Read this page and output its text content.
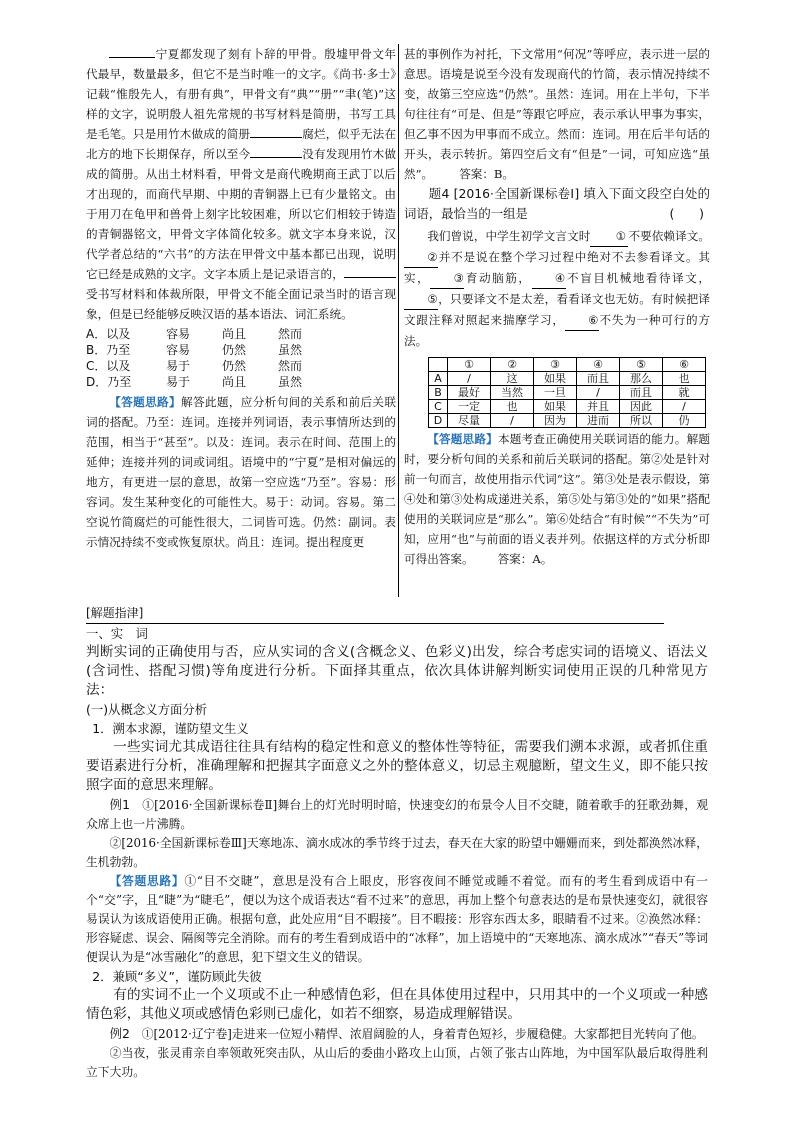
宁夏都发现了刻有卜辞的甲骨。殷墟甲骨文年代最早，数量最多，但它不是当时唯一的文字。《尚书·多士》记载“惟殷先人，有册有典”，甲骨文有“典”“册”“聿(笔)”这样的文字，说明殷人祖先常规的书写材料是简册，书写工具是毛笔。只是用竹木做成的简册	腐烂，似乎无法在北方的地下长期保存，所以至今	没有发现用竹木做成的简册。从出土材料看，甲骨文是商代晚期商王武丁以后才出现的，而商代早期、中期的青铜器上已有少量铭文。由于用刀在龟甲和兽骨上刻字比较困难，所以它们相较于铸造的青铜器铭文，甲骨文字体简化较多。就文字本身来说，汉代学者总结的“六书”的方法在甲骨文中基本都已出现，说明它已经是成熟的文字。文字本质上是记录语言的，受书写材料和体裁所限，甲骨文不能全面记录当时的语言现象，但是已经能够反映汉语的基本语法、词汇系统。

A．以及	容易	尚且	然而
B．乃至	容易	仍然	虽然
C．以及	易于	仍然	然而
D．乃至	易于	尚且	虽然

【答题思路】解答此题，应分析句间的关系和前后关联词的搭配。乃至：连词。连接并列词语，表示事情所达到的范围，相当于“甚至”。以及：连词。表示在时间、范围上的延伸；连接并列的词或词组。语境中的“宁夏”是相对偏远的地方，有更进一层的意思，故第一空应选“乃至”。容易：形容词。发生某种变化的可能性大。易于：动词。容易。第二空说竹简腐烂的可能性很大，二词皆可选。仍然：副词。表示情况持续不变或恢复原状。尚且：连词。提出程度更

甚的事例作为衬托，下文常用“何况”等呼应，表示进一层的意思。语境是说至今没有发现商代的竹简，表示情况持续不变，故第三空应选“仍然”。虽然：连词。用在上半句，下半句往往有“可是、但是”等跟它呼应，表示承认甲事为事实，但乙事不因为甲事而不成立。然而：连词。用在后半句话的开头，表示转折。第四空后文有“但是”一词，可知应选“虽然”。 答案：B。

题4 [2016·全国新课标卷Ⅰ] 填入下面文段空白处的词语，最恰当的一组是	(　　)

我们曾说，中学生初学文言文时 ① 不要依赖译文。②并不是说在整个学习过程中绝对不去参看译文。其实， ③育动脑筋， ④不盲目机械地看待译文，⑤，只要译文不是太差，看看译文也无妨。有时候把译文跟注释对照起来揣摩学习， ⑥不失为一种可行的方法。

	①	②	③	④	⑤	⑥
A	/	这	如果	而且	那么	也
B	最好	当然	一旦	/	而且	就
C	一定	也	如果	并且	因此	/
D	尽量	/	因为	进而	所以	仍

【答题思路】本题考查正确使用关联词语的能力。解题时，要分析句间的关系和前后关联词的搭配。第②处是针对前一句而言，故使用指示代词“这”。第③处是表示假设，第④处和第③处构成递进关系，第⑤处与第③处的“如果”搭配使用的关联词应是“那么”。第⑥处结合“有时候”“不失为”可知，应用“也”与前面的语义表并列。依据这样的方式分析即可得出答案。 答案：A。

[解题指津]

一、实　词

判断实词的正确使用与否，应从实词的含义(含概念义、色彩义)出发，综合考虑实词的语境义、语法义(含词性、搭配习惯)等角度进行分析。下面择其重点，依次具体讲解判断实词使用正误的几种常见方法：

(一)从概念义方面分析

1．溯本求源，谨防望文生义

一些实词尤其成语往往具有结构的稳定性和意义的整体性等特征，需要我们溯本求源，或者抓住重要语素进行分析，准确理解和把握其字面意义之外的整体意义，切忌主观臆断，望文生义，即不能只按照字面的意思来理解。

例1　 ①[2016·全国新课标卷Ⅱ]舞台上的灯光时明时暗，快速变幻的布景令人目不交睫，随着歌手的狂歌劲舞，观众席上也一片沸腾。

②[2016·全国新课标卷Ⅲ]天寒地冻、滴水成冰的季节终于过去，春天在大家的盼望中姗姗而来，到处都涣然冰释，生机勃勃。

【答题思路】①“目不交睫”，意思是没有合上眼皮，形容夜间不睡觉或睡不着觉。而有的考生看到成语中有一个“交”字，且“睫”为“睫毛”，便以为这个成语表达“看不过来”的意思，再加上整个句意表达的是布景快速变幻，就很容易误认为该成语使用正确。根据句意，此处应用“目不暇接”。目不暇接：形容东西太多，眼睛看不过来。②涣然冰释：形容疑虑、误会、隔阂等完全消除。而有的考生看到成语中的“冰释”，加上语境中的“天寒地冻、滴水成冰”“春天”等词便误认为是“冰雪融化”的意思，犯下望文生义的错误。

2．兼顾“多义”，谨防顾此失彼

有的实词不止一个义项或不止一种感情色彩，但在具体使用过程中，只用其中的一个义项或一种感情色彩，其他义项或感情色彩则已虚化，如若不细察，易造成理解错误。

例2　 ①[2012·辽宁卷]走进来一位短小精悍、浓眉阔脸的人，身着青色短衫，步履稳健。大家都把目光转向了他。

②当夜，张灵甫亲自率领敢死突击队，从山后的委曲小路攻上山顶，占领了张古山阵地，为中国军队最后取得胜利立下大功。
